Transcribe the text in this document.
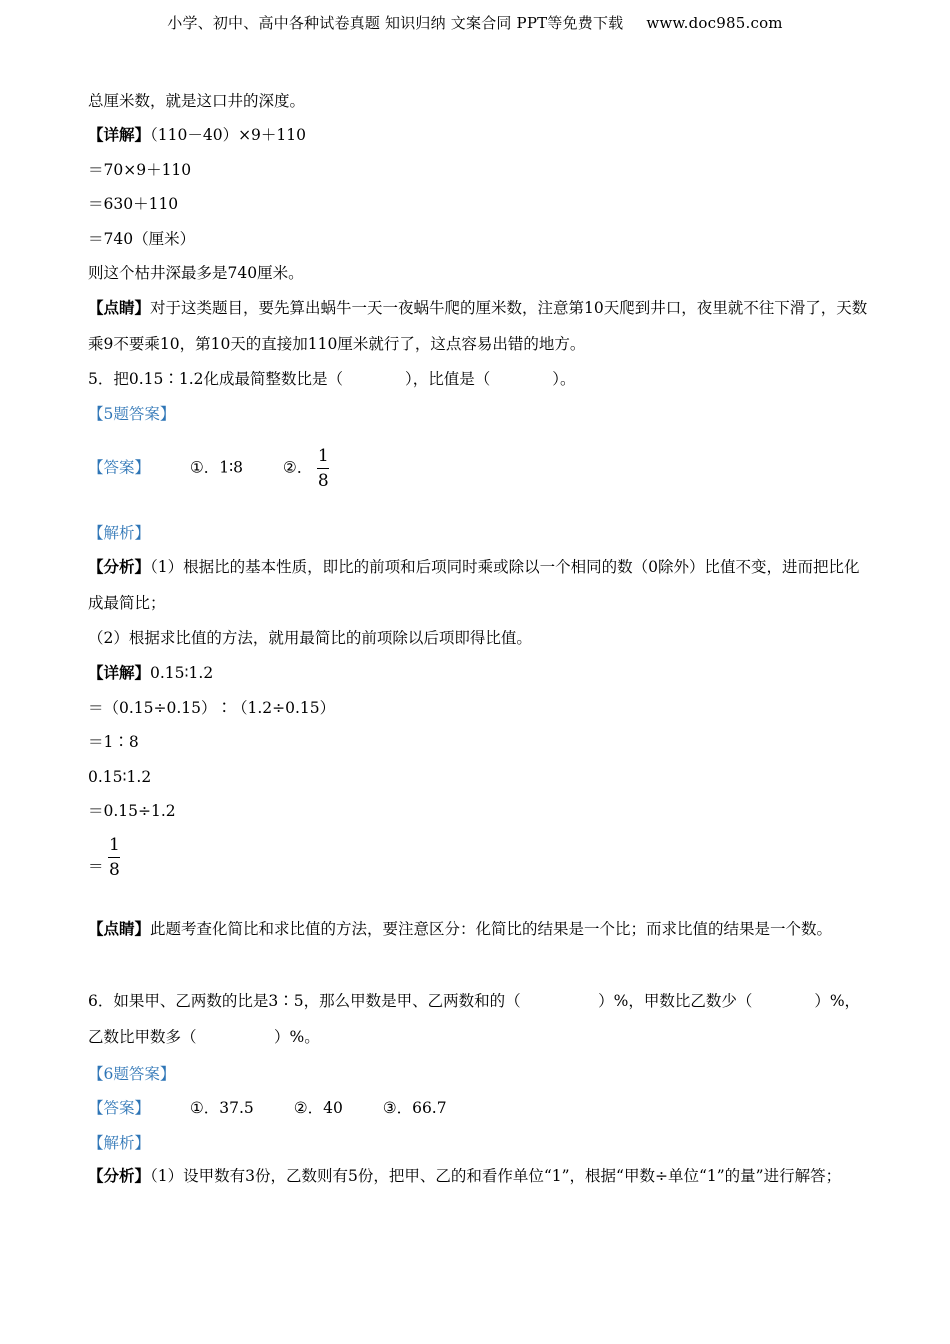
小学、初中、高中各种试卷真题 知识归纳 文案合同 PPT等免费下载 www.doc985.com
总厘米数，就是这口井的深度。
【详解】（110－40）×9＋110
＝70×9＋110
＝630＋110
＝740（厘米）
则这个枯井深最多是740厘米。
【点睛】对于这类题目，要先算出蜗牛一天一夜蜗牛爬的厘米数，注意第10天爬到井口，夜里就不往下滑了，天数乘9不要乘10，第10天的直接加110厘米就行了，这点容易出错的地方。
5．把0.15∶1.2化成最简整数比是（　　　　），比值是（　　　　）。
【5题答案】
【答案】	①．1∶8	②． $\frac{1}{8}$
【解析】
【分析】（1）根据比的基本性质，即比的前项和后项同时乘或除以一个相同的数（0除外）比值不变，进而把比化成最简比；
（2）根据求比值的方法，就用最简比的前项除以后项即得比值。
【详解】0.15∶1.2
＝（0.15÷0.15）∶（1.2÷0.15）
＝1∶8
0.15∶1.2
＝0.15÷1.2
＝ $\frac{1}{8}$
【点睛】此题考查化简比和求比值的方法，要注意区分：化简比的结果是一个比；而求比值的结果是一个数。
6．如果甲、乙两数的比是3∶5，那么甲数是甲、乙两数和的（　　　　　）%，甲数比乙数少（　　　　）%，乙数比甲数多（　　　　　）%。
【6题答案】
【答案】	①．37.5	②．40	③．66.7
【解析】
【分析】（1）设甲数有3份，乙数则有5份，把甲、乙的和看作单位“1”，根据“甲数÷单位“1”的量”进行解答；
